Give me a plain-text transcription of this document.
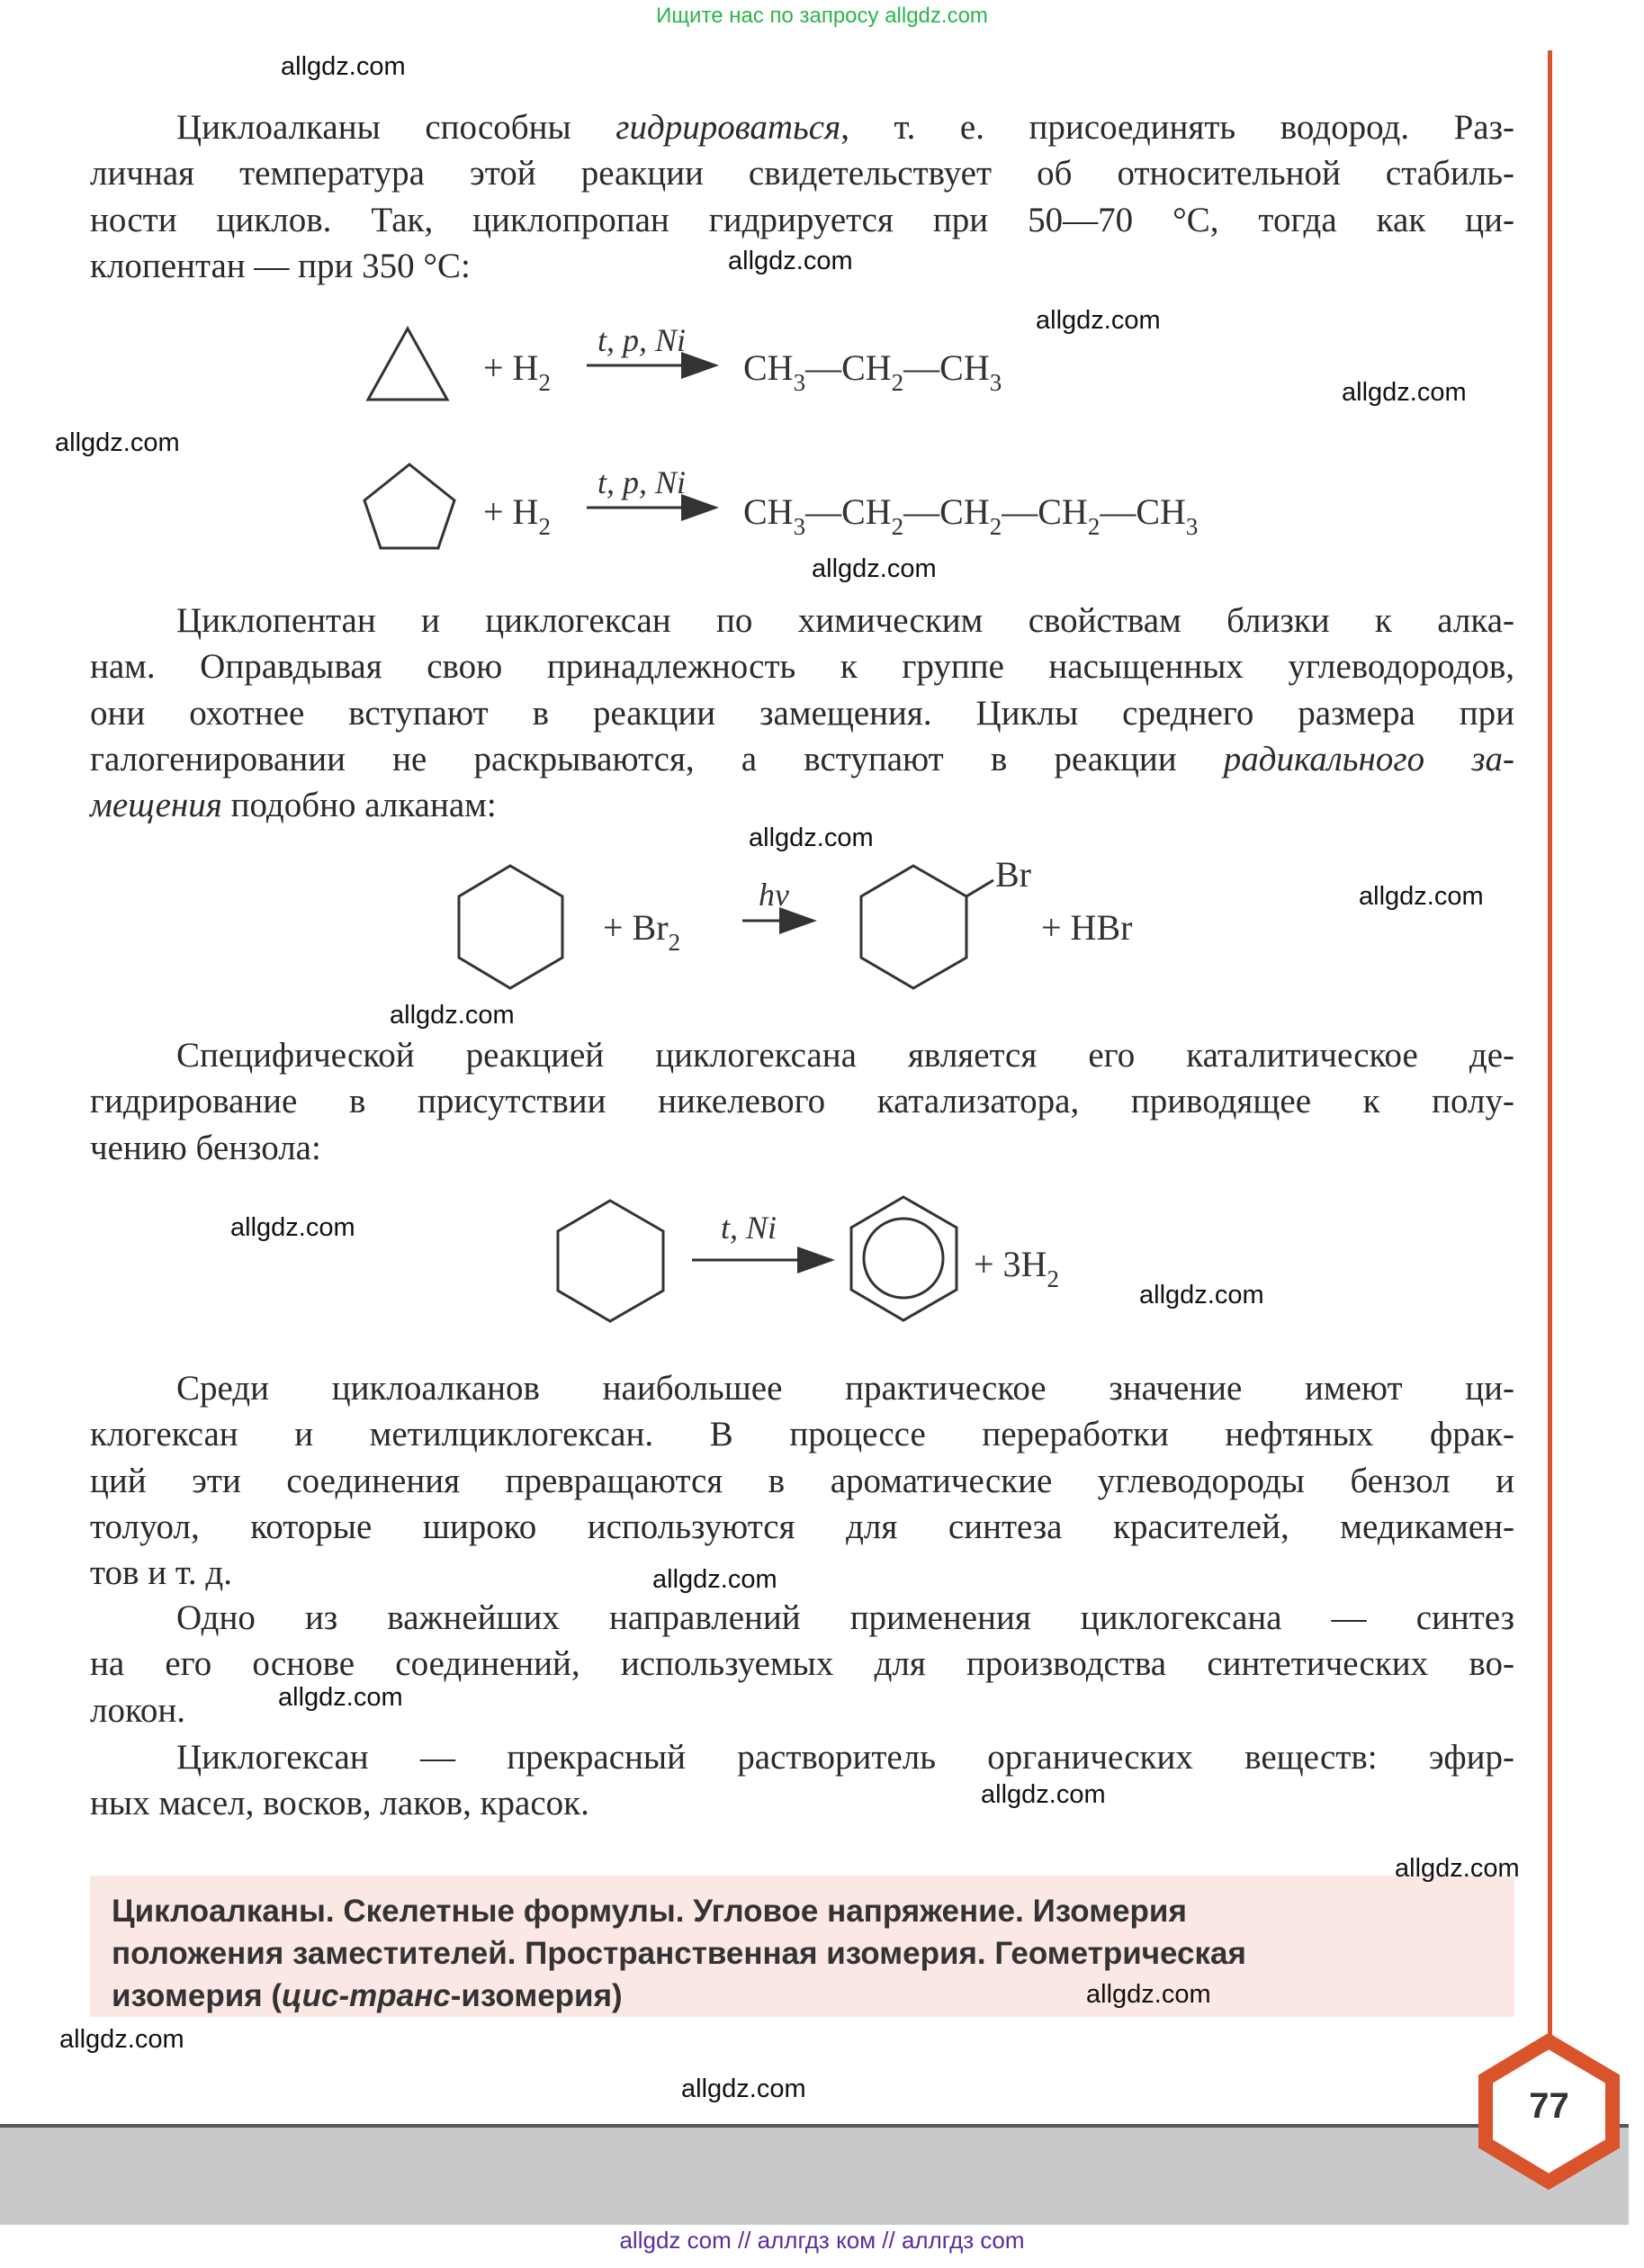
Ищите нас по запросу allgdz.com
Циклоалканы способны гидрироваться, т. е. присоединять водород. Раз-
личная температура этой реакции свидетельствует об относительной стабиль-
ности циклов. Так, циклопропан гидрируется при 50—70 °C, тогда как ци-
клопентан — при 350 °C:
Циклопентан и циклогексан по химическим свойствам близки к алка-
нам. Оправдывая свою принадлежность к группе насыщенных углеводородов,
они охотнее вступают в реакции замещения. Циклы среднего размера при
галогенировании не раскрываются, а вступают в реакции радикального за-
мещения подобно алканам:
Специфической реакцией циклогексана является его каталитическое де-
гидрирование в присутствии никелевого катализатора, приводящее к полу-
чению бензола:
Среди циклоалканов наибольшее практическое значение имеют ци-
клогексан и метилциклогексан. В процессе переработки нефтяных фрак-
ций эти соединения превращаются в ароматические углеводороды бензол и
толуол, которые широко используются для синтеза красителей, медикамен-
тов и т. д.
Одно из важнейших направлений применения циклогексана — синтез
на его основе соединений, используемых для производства синтетических во-
локон.
Циклогексан — прекрасный растворитель органических веществ: эфир-
ных масел, восков, лаков, красок.
+ $H_2$
t, p, Ni
$CH_3—CH_2—CH_3$
+ $H_2$
t, p, Ni
$CH_3—CH_2—CH_2—CH_2—CH_3$
+ $Br_2$
hν	Br
+ HBr
t, Ni
+ $3H_2$
Циклоалканы. Скелетные формулы. Угловое напряжение. Изомерия
положения заместителей. Пространственная изомерия. Геометрическая
изомерия (цис-транс-изомерия)
77
allgdz.com
allgdz.com
allgdz.com
allgdz.com
allgdz.com
allgdz.com
allgdz.com
allgdz.com
allgdz.com
allgdz.com
allgdz.com
allgdz.com
allgdz.com
allgdz.com
allgdz.com
allgdz.com
allgdz.com
allgdz.com
allgdz com // аллгдз ком // аллгдз com
